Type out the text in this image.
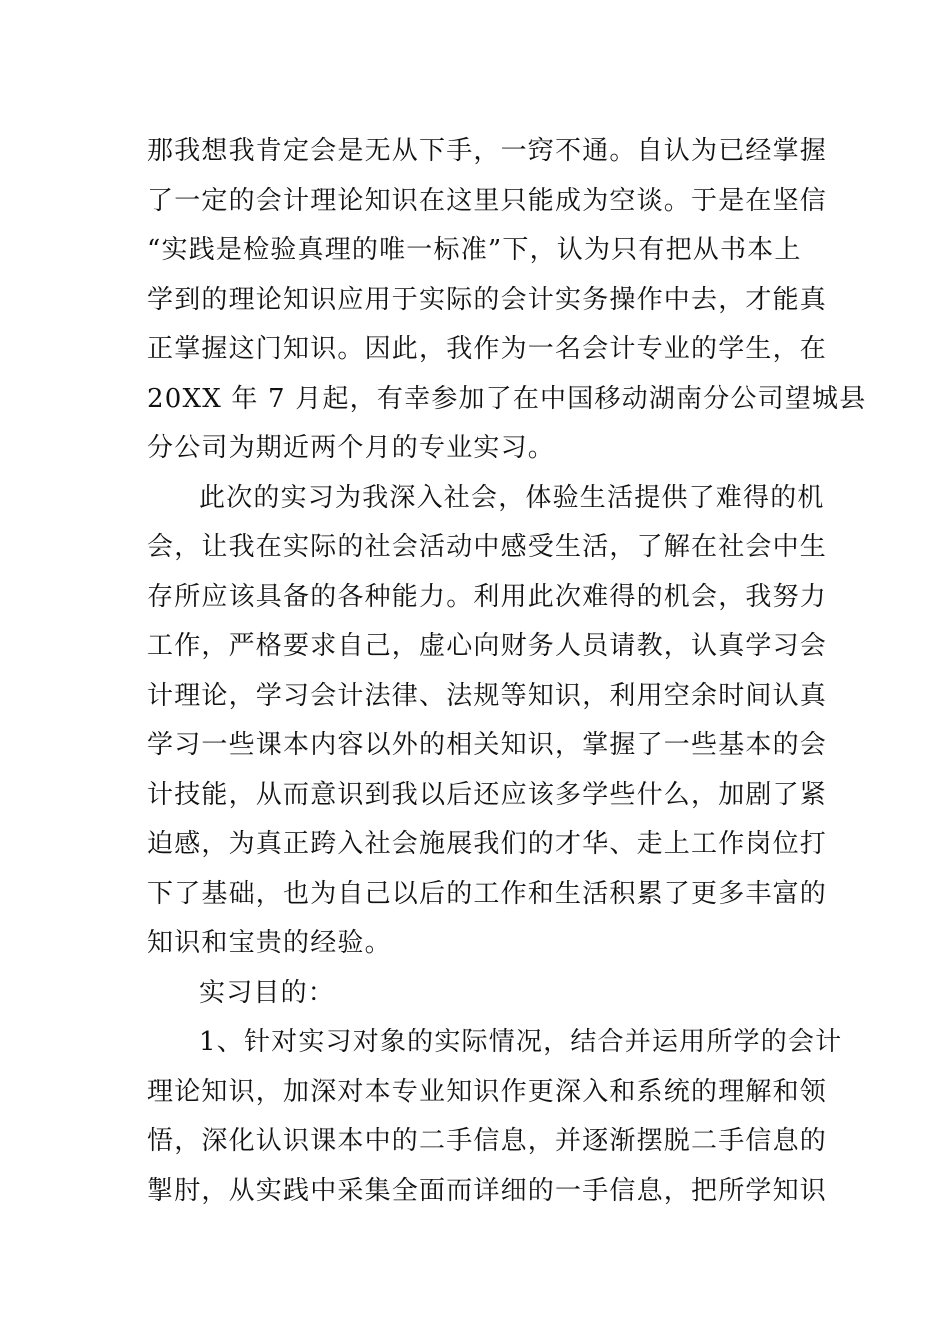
那我想我肯定会是无从下手，一窍不通。自认为已经掌握
了一定的会计理论知识在这里只能成为空谈。于是在坚信
“实践是检验真理的唯一标准”下，认为只有把从书本上
学到的理论知识应用于实际的会计实务操作中去，才能真
正掌握这门知识。因此，我作为一名会计专业的学生，在
20XX 年 7 月起，有幸参加了在中国移动湖南分公司望城县
分公司为期近两个月的专业实习。

此次的实习为我深入社会，体验生活提供了难得的机
会，让我在实际的社会活动中感受生活，了解在社会中生
存所应该具备的各种能力。利用此次难得的机会，我努力
工作，严格要求自己，虚心向财务人员请教，认真学习会
计理论，学习会计法律、法规等知识，利用空余时间认真
学习一些课本内容以外的相关知识，掌握了一些基本的会
计技能，从而意识到我以后还应该多学些什么，加剧了紧
迫感，为真正跨入社会施展我们的才华、走上工作岗位打
下了基础，也为自己以后的工作和生活积累了更多丰富的
知识和宝贵的经验。

实习目的：

1、针对实习对象的实际情况，结合并运用所学的会计
理论知识，加深对本专业知识作更深入和系统的理解和领
悟，深化认识课本中的二手信息，并逐渐摆脱二手信息的
掣肘，从实践中采集全面而详细的一手信息，把所学知识
